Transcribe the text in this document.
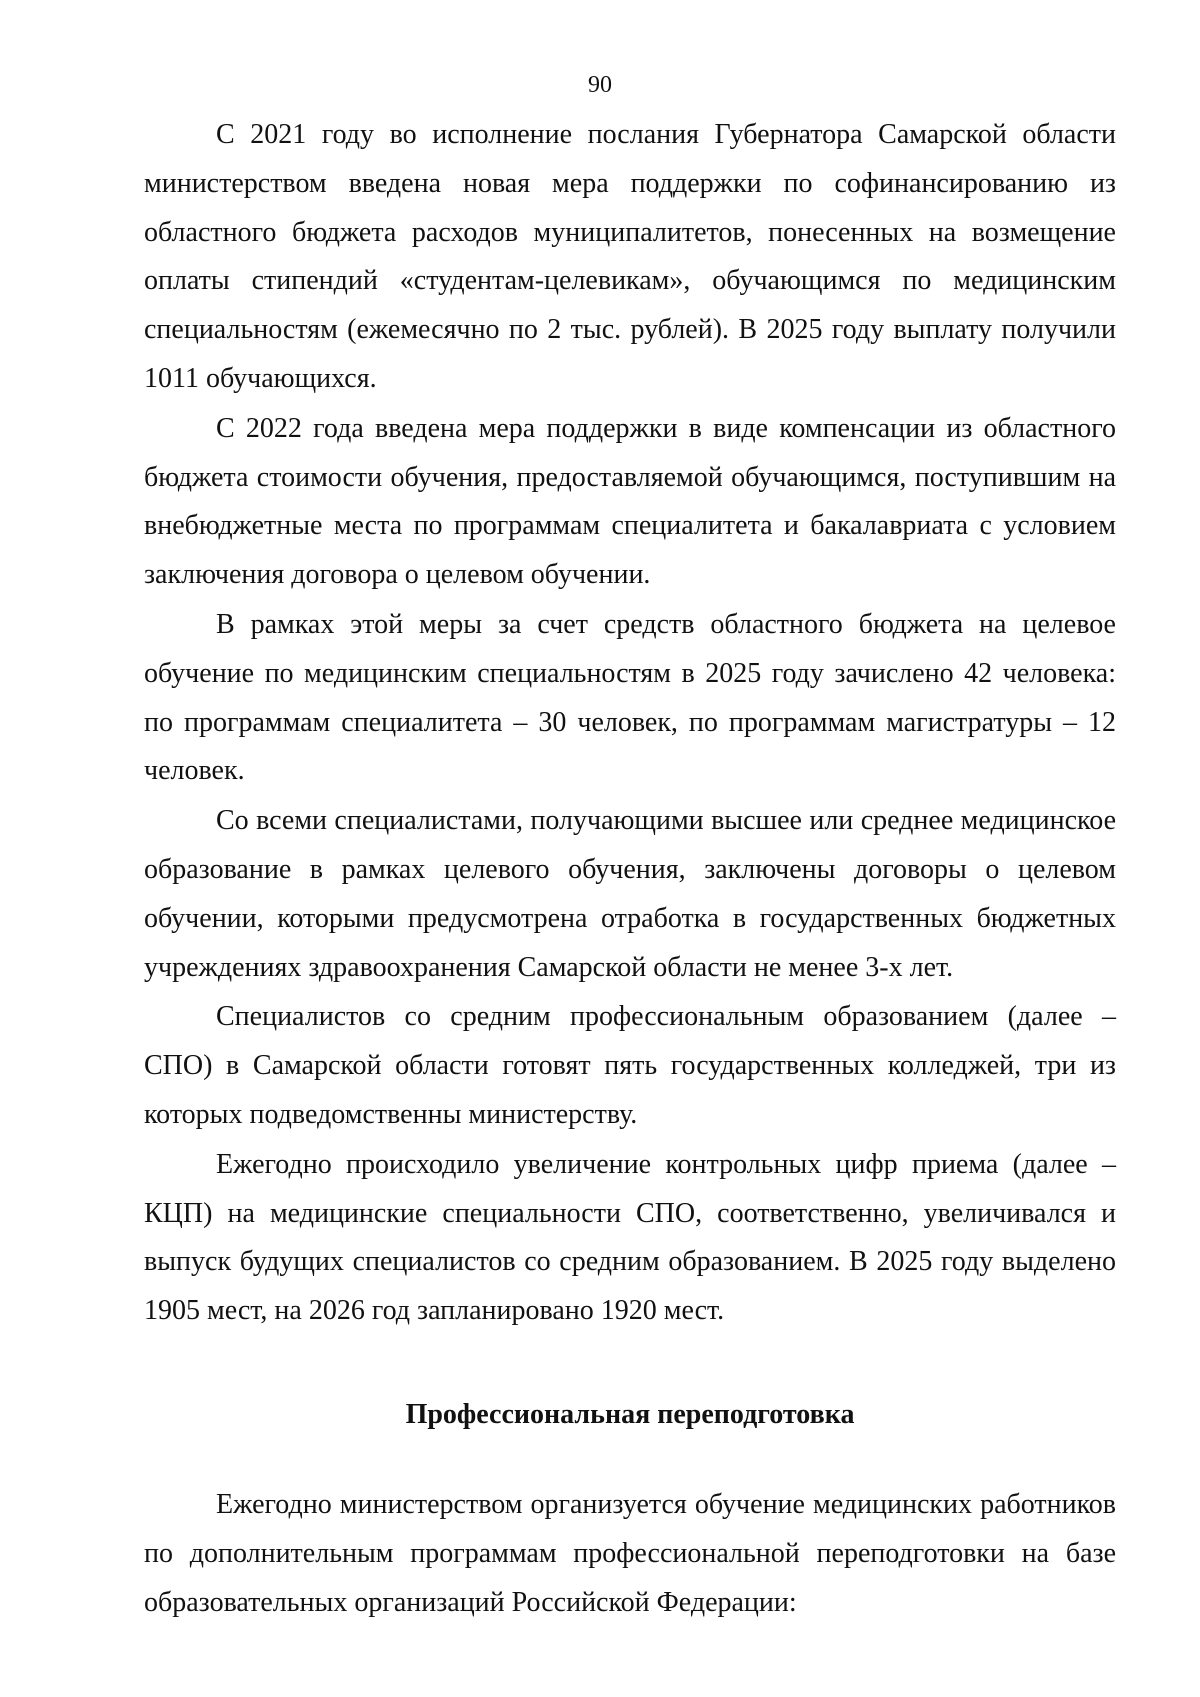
90

С 2021 году во исполнение послания Губернатора Самарской области министерством введена новая мера поддержки по софинансированию из областного бюджета расходов муниципалитетов, понесенных на возмещение оплаты стипендий «студентам-целевикам», обучающимся по медицинским специальностям (ежемесячно по 2 тыс. рублей). В 2025 году выплату получили 1011 обучающихся.

С 2022 года введена мера поддержки в виде компенсации из областного бюджета стоимости обучения, предоставляемой обучающимся, поступившим на внебюджетные места по программам специалитета и бакалавриата с условием заключения договора о целевом обучении.

В рамках этой меры за счет средств областного бюджета на целевое обучение по медицинским специальностям в 2025 году зачислено 42 человека: по программам специалитета – 30 человек, по программам магистратуры – 12 человек.

Со всеми специалистами, получающими высшее или среднее медицинское образование в рамках целевого обучения, заключены договоры о целевом обучении, которыми предусмотрена отработка в государственных бюджетных учреждениях здравоохранения Самарской области не менее 3-х лет.

Специалистов со средним профессиональным образованием (далее – СПО) в Самарской области готовят пять государственных колледжей, три из которых подведомственны министерству.

Ежегодно происходило увеличение контрольных цифр приема (далее – КЦП) на медицинские специальности СПО, соответственно, увеличивался и выпуск будущих специалистов со средним образованием. В 2025 году выделено 1905 мест, на 2026 год запланировано 1920 мест.

Профессиональная переподготовка

Ежегодно министерством организуется обучение медицинских работников по дополнительным программам профессиональной переподготовки на базе образовательных организаций Российской Федерации:
